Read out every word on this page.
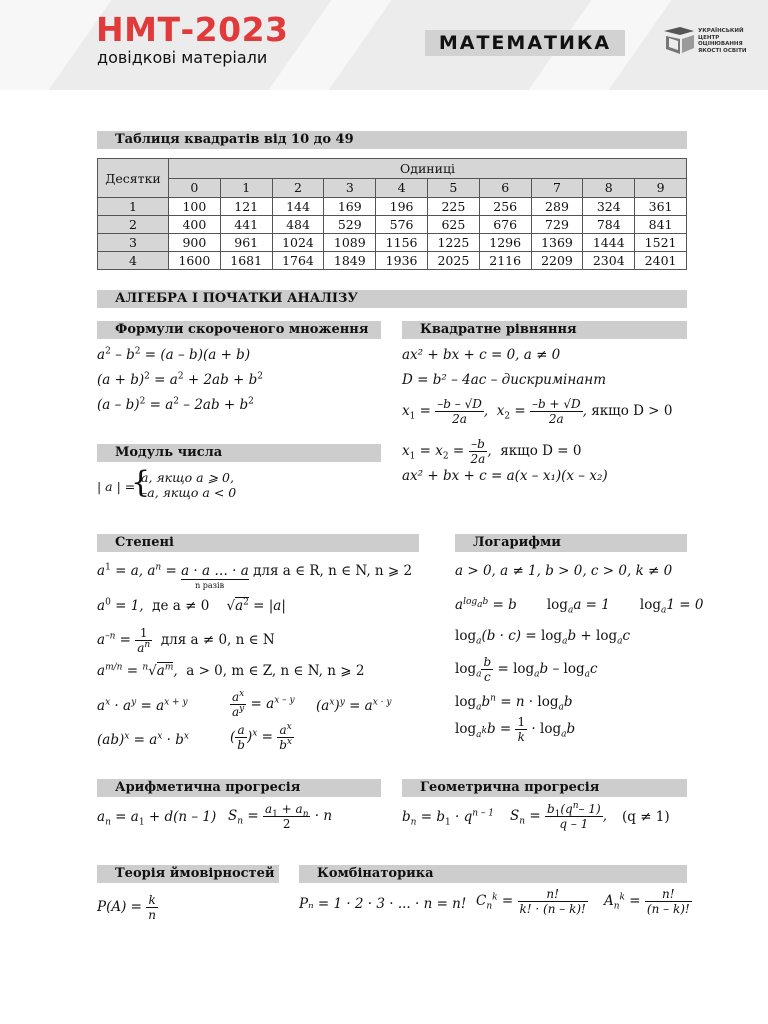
НМТ-2023
довідкові матеріали
МАТЕМАТИКА
УКРАЇНСЬКИЙ ЦЕНТР ОЦІНЮВАННЯ ЯКОСТІ ОСВІТИ
Таблиця квадратів від 10 до 49
Десятки	Одиниці									
	0	1	2	3	4	5	6	7	8	9
1	100	121	144	169	196	225	256	289	324	361
2	400	441	484	529	576	625	676	729	784	841
3	900	961	1024	1089	1156	1225	1296	1369	1444	1521
4	1600	1681	1764	1849	1936	2025	2116	2209	2304	2401
АЛГЕБРА І ПОЧАТКИ АНАЛІЗУ
Формули скороченого множення
$a^2 - b^2 = (a - b)(a + b)$
$(a + b)^2 = a^2 + 2ab + b^2$
$(a - b)^2 = a^2 - 2ab + b^2$
Квадратне рівняння
ax² + bx + c = 0, a ≠ 0
D = b² – 4ac – дискримінант
$x_1 = \frac{-b - √D}{2a}$ ,  $x_2 = \frac{-b + √D}{2a}$ , якщо D > 0
$x_1 = x_2 = \frac{-b}{2a}$ ,  якщо D = 0
ax² + bx + c = a(x – x₁)(x – x₂)
Модуль числа
| a | =
{
a, якщо a ⩾ 0,
–a, якщо a < 0
Степені
$a^1 = a$, $a^n = a \cdot a$ … · a
n разів
для a ∈ R, n ∈ N, n ⩾ 2
$a^0 = 1$,  де a ≠ 0    $√a^2 = |a|$
$a^{-n} = \frac{1}{a^n}$ для a ≠ 0, n ∈ N
$a^{m/n} = ^n√a^m$,  a > 0, m ∈ Z, n ∈ N, n ⩾ 2
$a^x \cdot a^y = a^{x + y}$	$\frac{a^x}{a^y} = a^{x - y}$ $(a^x)^y = a^{x \cdot y}$
$(ab)^x = a^x \cdot b^x$	( $\frac{a}{b} )^x = \frac{a^x}{b^x}$
Логарифми
a > 0, a ≠ 1, b > 0, c > 0, k ≠ 0
$a^{log_ab} = b$       $\log_aa = 1$       $\log_a1 = 0$
$\log_a(b \cdot c) = \log_ab + \log_ac$
$\log_a \frac{b}{c} = \log_ab - \log_ac$
$\log_ab^n = n \cdot \log_ab$
$\log_{a^k}b = \frac{1}{k} \cdot \log_ab$
Арифметична прогресія
$a_n = a_1 + d(n - 1) S_n = \frac{a_1 + a_n}{2} \cdot n$
Геометрична прогресія
$b_n = b_1 \cdot q^{n - 1}$ $S_n = \frac{b_1(q^n- 1)}{q - 1}$ , (q ≠ 1)
Теорія ймовірностей
$P(A) = \frac{k}{n}$
Комбінаторика
Pₙ = 1 · 2 · 3 · ... · n = n! $C_n^k = \frac{n!}{k! \cdot (n - k)!} A_n^k = \frac{n!}{(n - k)!}$
